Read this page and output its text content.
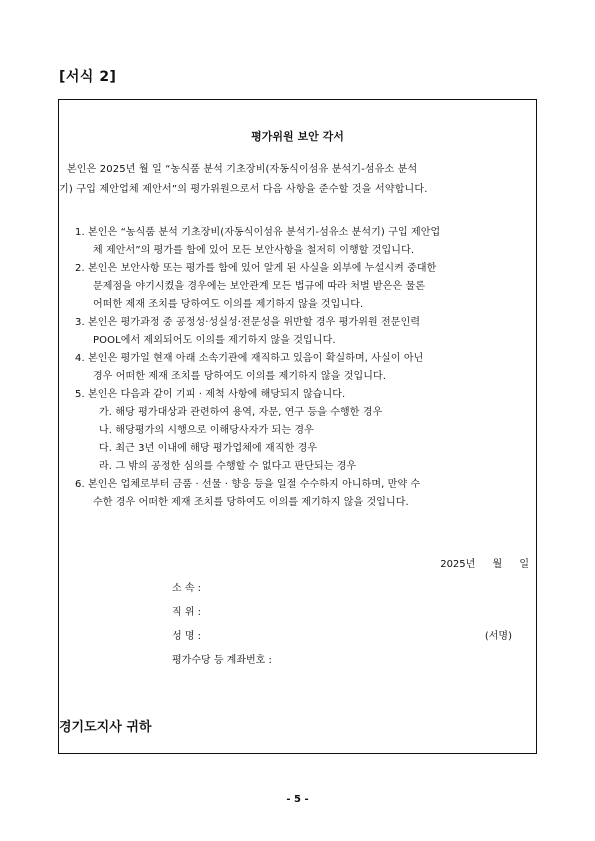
[서식 2]
평가위원 보안 각서
본인은 2025년 월 일 “농식품 분석 기초장비(자동식이섬유 분석기-섬유소 분석
기) 구입 제안업체 제안서”의 평가위원으로서 다음 사항을 준수할 것을 서약합니다.
1. 본인은 “농식품 분석 기초장비(자동식이섬유 분석기-섬유소 분석기) 구입 제안업
체 제안서”의 평가를 함에 있어 모든 보안사항을 철저히 이행할 것입니다.
2. 본인은 보안사항 또는 평가를 함에 있어 알게 된 사실을 외부에 누설시켜 중대한
문제점을 야기시켰을 경우에는 보안관계 모든 법규에 따라 처벌 받은은 물론
어떠한 제재 조치를 당하여도 이의를 제기하지 않을 것입니다.
3. 본인은 평가과정 중 공정성·성실성·전문성을 위반할 경우 평가위원 전문인력
POOL에서 제외되어도 이의를 제기하지 않을 것입니다.
4. 본인은 평가일 현재 아래 소속기관에 재직하고 있음이 확실하며, 사실이 아닌
경우 어떠한 제재 조치를 당하여도 이의를 제기하지 않을 것입니다.
5. 본인은 다음과 같이 기피 · 제척 사항에 해당되지 않습니다.
가. 해당 평가대상과 관련하여 용역, 자문, 연구 등을 수행한 경우
나. 해당평가의 시행으로 이해당사자가 되는 경우
다. 최근 3년 이내에 해당 평가업체에 재직한 경우
라. 그 밖의 공정한 심의를 수행할 수 없다고 판단되는 경우
6. 본인은 업체로부터 금품 · 선물 · 향응 등을 일절 수수하지 아니하며, 만약 수
수한 경우 어떠한 제재 조치를 당하여도 이의를 제기하지 않을 것입니다.
2025년 월 일
소 속 :
직 위 :
성 명 :	(서명)
평가수당 등 계좌번호 :
경기도지사 귀하
- 5 -
